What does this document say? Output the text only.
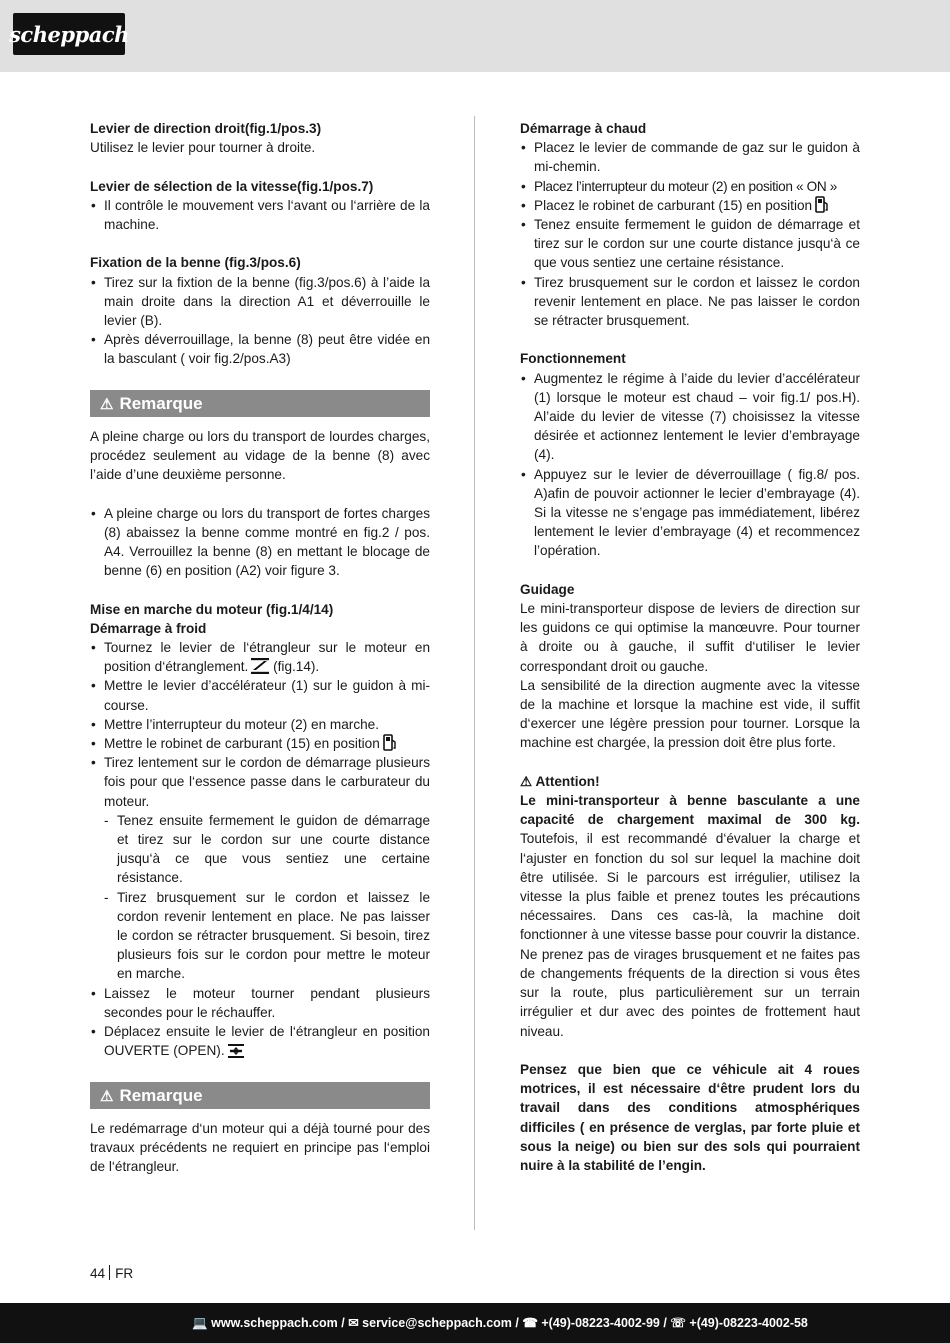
scheppach

Levier de direction droit(fig.1/pos.3)

Utilisez le levier pour tourner à droite.

Levier de sélection de la vitesse(fig.1/pos.7)

• Il contrôle le mouvement vers l‘avant ou l‘arrière de la machine.

Fixation de la benne (fig.3/pos.6)

• Tirez sur la fixtion de la benne (fig.3/pos.6) à l’aide la main droite dans la direction A1 et déverrouille le levier (B).
• Après déverrouillage, la benne (8) peut être vidée en la basculant ( voir fig.2/pos.A3)
⚠ Remarque

A pleine charge ou lors du transport de lourdes charges, procédez seulement au vidage de la benne (8) avec l’aide d’une deuxième personne.

• A pleine charge ou lors du transport de fortes charges (8) abaissez la benne comme montré en fig.2 / pos. A4. Verrouillez la benne (8) en mettant le blocage de benne (6) en position (A2) voir figure 3.

Mise en marche du moteur (fig.1/4/14)

Démarrage à froid

• Tournez le levier de l‘étrangleur sur le moteur en position d‘étranglement. (fig.14).
• Mettre le levier d’accélérateur (1) sur le guidon à mi-course.
• Mettre l’interrupteur du moteur (2) en marche.
• Mettre le robinet de carburant (15) en position
• Tirez lentement sur le cordon de démarrage plusieurs fois pour que l‘essence passe dans le carburateur du moteur.
- Tenez ensuite fermement le guidon de démarrage et tirez sur le cordon sur une courte distance jusqu‘à ce que vous sentiez une certaine résistance.
- Tirez brusquement sur le cordon et laissez le cordon revenir lentement en place. Ne pas laisser le cordon se rétracter brusquement. Si besoin, tirez plusieurs fois sur le cordon pour mettre le moteur en marche.
• Laissez le moteur tourner pendant plusieurs secondes pour le réchauffer.
• Déplacez ensuite le levier de l‘étrangleur en position OUVERTE (OPEN).
⚠ Remarque

Le redémarrage d‘un moteur qui a déjà tourné pour des travaux précédents ne requiert en principe pas l‘emploi de l‘étrangleur.

Démarrage à chaud

• Placez le levier de commande de gaz sur le guidon à mi-chemin.
• Placez l’interrupteur du moteur (2) en position « ON »
• Placez le robinet de carburant (15) en position
• Tenez ensuite fermement le guidon de démarrage et tirez sur le cordon sur une courte distance jusqu‘à ce que vous sentiez une certaine résistance.
• Tirez brusquement sur le cordon et laissez le cordon revenir lentement en place. Ne pas laisser le cordon se rétracter brusquement.

Fonctionnement

• Augmentez le régime à l’aide du levier d’accélérateur (1) lorsque le moteur est chaud – voir fig.1/ pos.H). Al’aide du levier de vitesse (7) choisissez la vitesse désirée et actionnez lentement le levier d’embrayage (4).
• Appuyez sur le levier de déverrouillage ( fig.8/ pos. A)afin de pouvoir actionner le lecier d’embrayage (4). Si la vitesse ne s’engage pas immédiatement, libérez lentement le levier d’embrayage (4) et recommencez l’opération.

Guidage

Le mini-transporteur dispose de leviers de direction sur les guidons ce qui optimise la manœuvre. Pour tourner à droite ou à gauche, il suffit d‘utiliser le levier correspondant droit ou gauche.

La sensibilité de la direction augmente avec la vitesse de la machine et lorsque la machine est vide, il suffit d‘exercer une légère pression pour tourner. Lorsque la machine est chargée, la pression doit être plus forte.

⚠ Attention!

Le mini-transporteur à benne basculante a une capacité de chargement maximal de 300 kg. Toutefois, il est recommandé d‘évaluer la charge et l‘ajuster en fonction du sol sur lequel la machine doit être utilisée. Si le parcours est irrégulier, utilisez la vitesse la plus faible et prenez toutes les précautions nécessaires. Dans ces cas-là, la machine doit fonctionner à une vitesse basse pour couvrir la distance. Ne prenez pas de virages brusquement et ne faites pas de changements fréquents de la direction si vous êtes sur la route, plus particulièrement sur un terrain irrégulier et dur avec des pointes de frottement haut niveau.

Pensez que bien que ce véhicule ait 4 roues motrices, il est nécessaire d‘être prudent lors du travail dans des conditions atmosphériques difficiles ( en présence de verglas, par forte pluie et sous la neige) ou bien sur des sols qui pourraient nuire à la stabilité de l’engin.

44 FR
💻 www.scheppach.com / ✉ service@scheppach.com / ☎ +(49)-08223-4002-99 / ☏ +(49)-08223-4002-58
